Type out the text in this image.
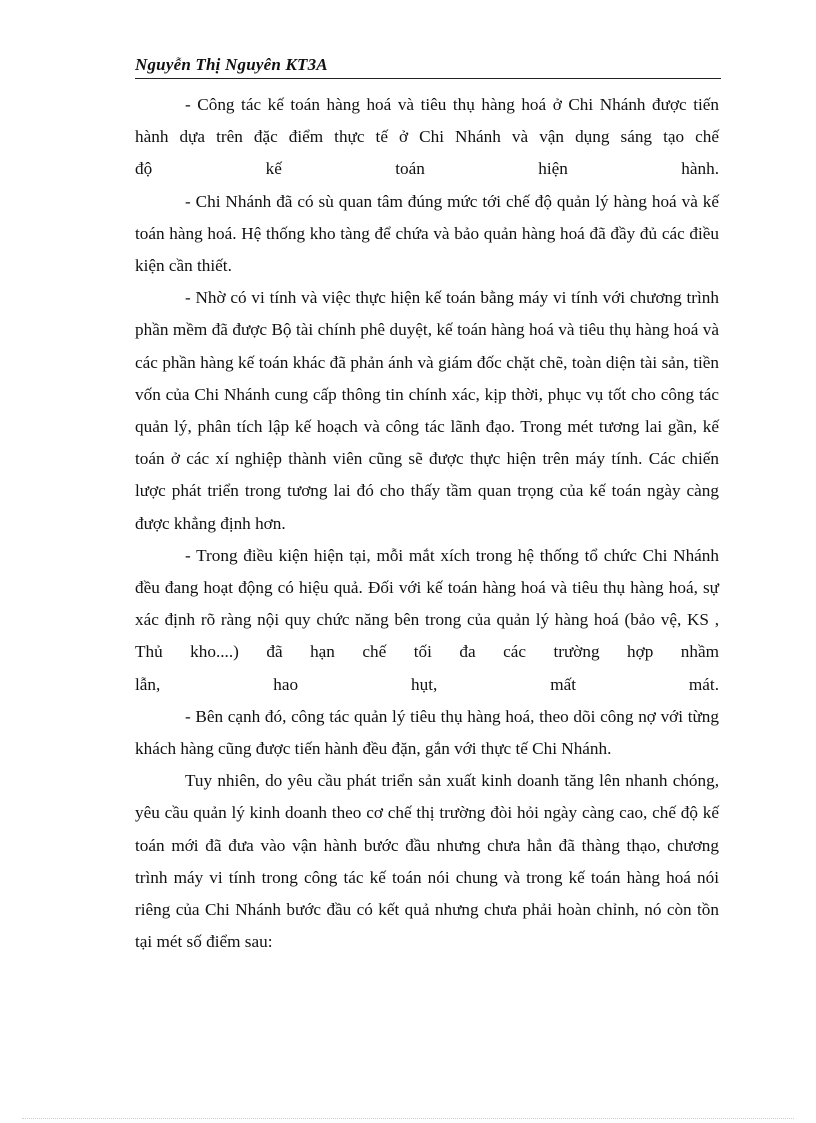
Nguyễn Thị Nguyên KT3A

- Công tác kế toán hàng hoá và tiêu thụ hàng hoá ở Chi Nhánh được tiến hành dựa trên đặc điểm thực tế ở Chi Nhánh và vận dụng sáng tạo chế

độ kế toán hiện hành.

- Chi Nhánh đã có sù quan tâm đúng mức tới chế độ quản lý hàng hoá và kế toán hàng hoá. Hệ thống kho tàng để chứa và bảo quản hàng hoá đã đầy đủ các điều kiện cần thiết.

- Nhờ có vi tính và việc thực hiện kế toán bằng máy vi tính với chương trình phần mềm đã được Bộ tài chính phê duyệt, kế toán hàng hoá và tiêu thụ hàng hoá và các phần hàng kế toán khác đã phản ánh và giám đốc chặt chẽ, toàn diện tài sản, tiền vốn của Chi Nhánh cung cấp thông tin chính xác, kịp thời, phục vụ tốt cho công tác quản lý, phân tích lập kế hoạch và công tác lãnh đạo. Trong mét tương lai gần, kế toán ở các xí nghiệp thành viên cũng sẽ được thực hiện trên máy tính. Các chiến lược phát triển trong tương lai đó cho thấy tầm quan trọng của kế toán ngày càng được khẳng định hơn.

- Trong điều kiện hiện tại, mỗi mắt xích trong hệ thống tổ chức Chi Nhánh đều đang hoạt động có hiệu quả. Đối với kế toán hàng hoá và tiêu thụ hàng hoá, sự xác định rõ ràng nội quy chức năng bên trong của quản lý hàng hoá (bảo vệ, KS , Thủ kho....) đã hạn chế tối đa các trường hợp nhầm

lẫn, hao hụt, mất mát.

- Bên cạnh đó, công tác quản lý tiêu thụ hàng hoá, theo dõi công nợ với từng khách hàng cũng được tiến hành đều đặn, gắn với thực tế Chi Nhánh.

Tuy nhiên, do yêu cầu phát triển sản xuất kinh doanh tăng lên nhanh chóng, yêu cầu quản lý kinh doanh theo cơ chế thị trường đòi hỏi ngày càng cao, chế độ kế toán mới đã đưa vào vận hành bước đầu nhưng chưa hẳn đã thàng thạo, chương trình máy vi tính trong công tác kế toán nói chung và trong kế toán hàng hoá nói riêng của Chi Nhánh bước đầu có kết quả nhưng chưa phải hoàn chỉnh, nó còn tồn tại mét số điểm sau:
